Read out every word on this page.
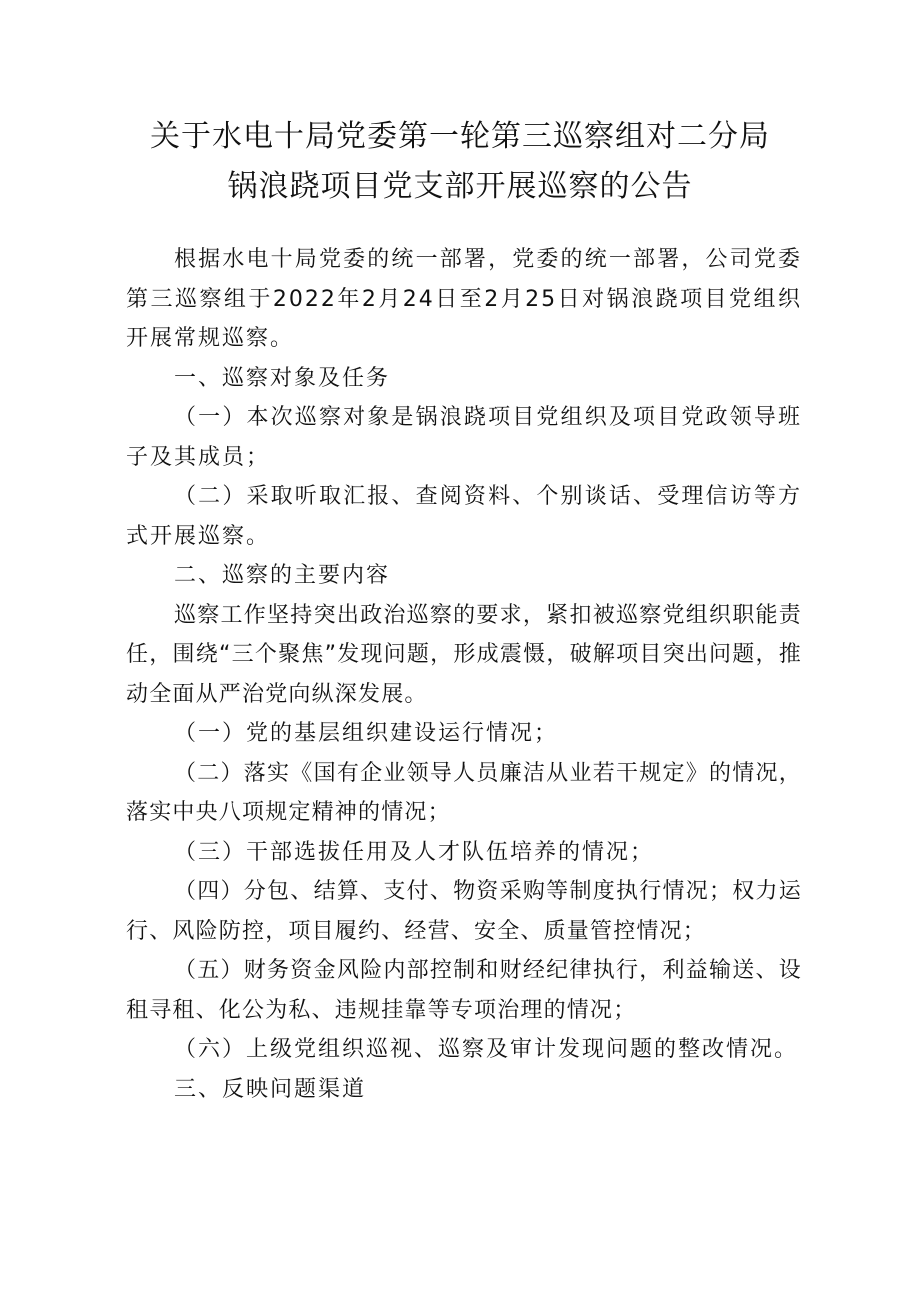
关于水电十局党委第一轮第三巡察组对二分局
锅浪跷项目党支部开展巡察的公告

根据水电十局党委的统一部署，党委的统一部署，公司党委第三巡察组于2022年2月24日至2月25日对锅浪跷项目党组织开展常规巡察。

一、巡察对象及任务

（一）本次巡察对象是锅浪跷项目党组织及项目党政领导班子及其成员；

（二）采取听取汇报、查阅资料、个别谈话、受理信访等方式开展巡察。

二、巡察的主要内容

巡察工作坚持突出政治巡察的要求，紧扣被巡察党组织职能责任，围绕“三个聚焦”发现问题，形成震慑，破解项目突出问题，推动全面从严治党向纵深发展。

（一）党的基层组织建设运行情况；

（二）落实《国有企业领导人员廉洁从业若干规定》的情况，落实中央八项规定精神的情况；

（三）干部选拔任用及人才队伍培养的情况；

（四）分包、结算、支付、物资采购等制度执行情况；权力运行、风险防控，项目履约、经营、安全、质量管控情况；

（五）财务资金风险内部控制和财经纪律执行，利益输送、设租寻租、化公为私、违规挂靠等专项治理的情况；

（六）上级党组织巡视、巡察及审计发现问题的整改情况。

三、反映问题渠道
